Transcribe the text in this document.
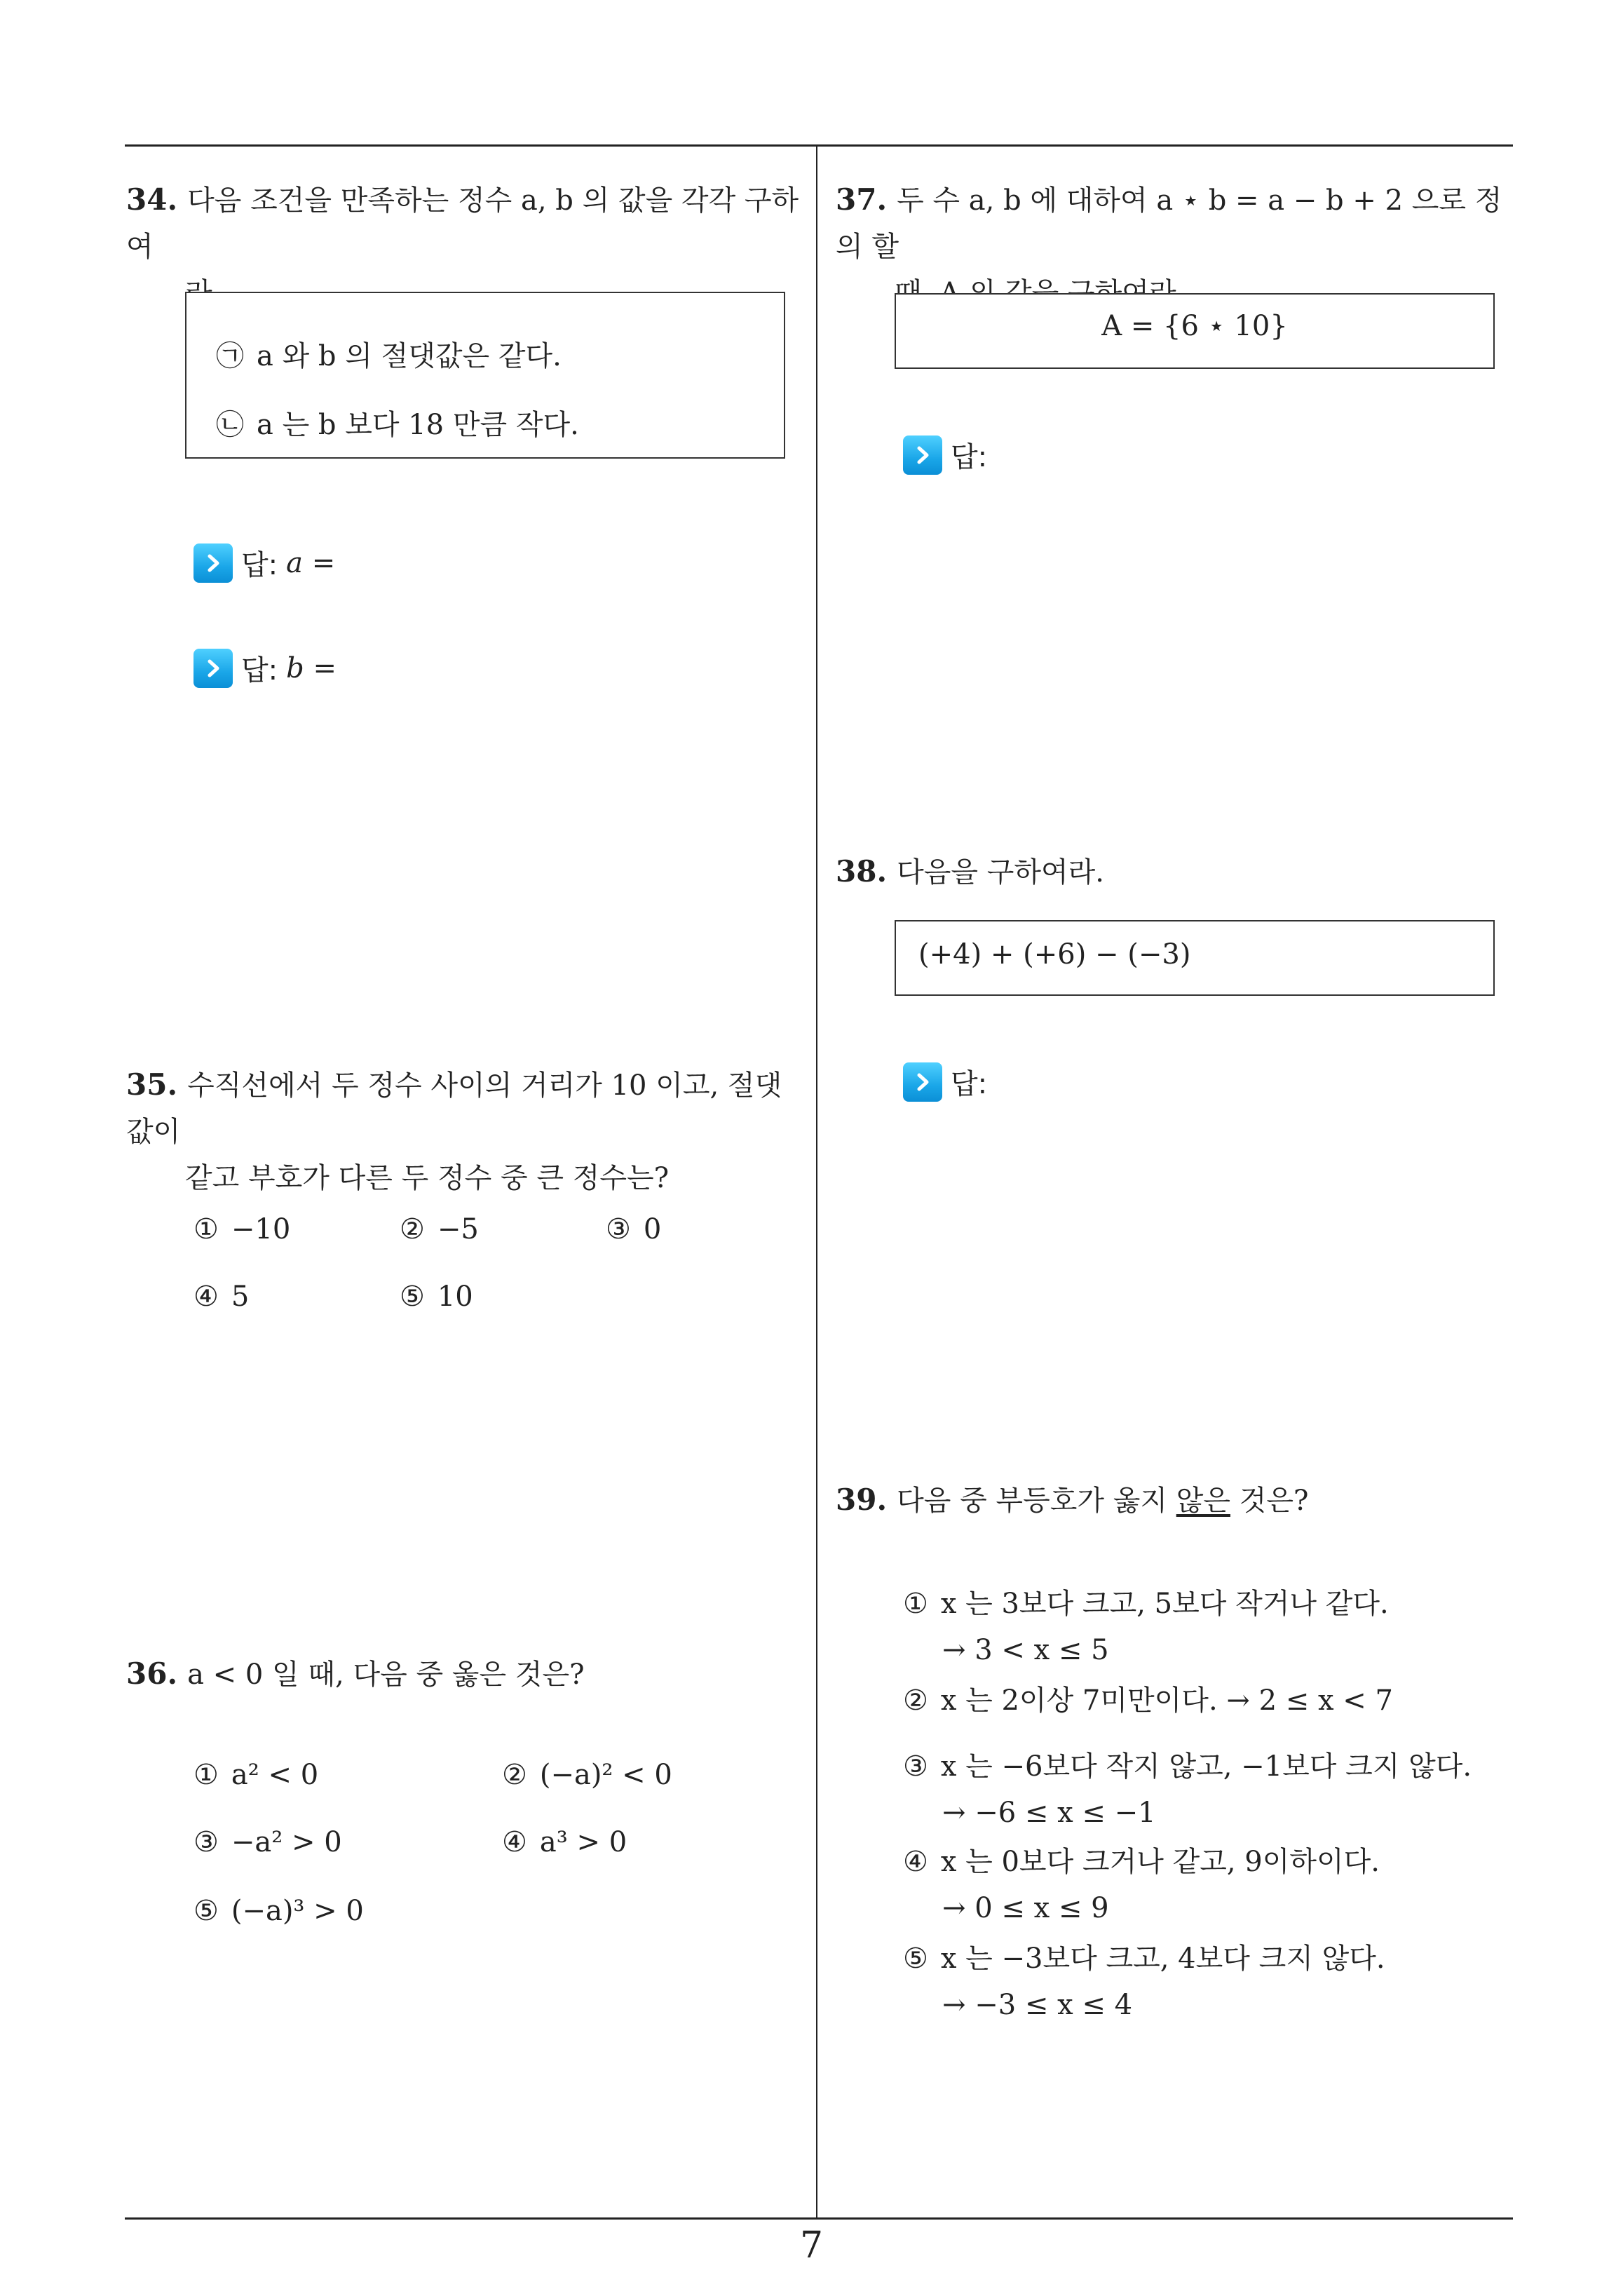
34. 다음 조건을 만족하는 정수 a, b 의 값을 각각 구하여
㉠ a 와 b 의 절댓값은 같다.
㉡ a 는 b 보다 18 만큼 작다.
답: a =
답: b =
35. 수직선에서 두 정수 사이의 거리가 10 이고, 절댓값이
같고 부호가 다른 두 정수 중 큰 정수는?
① −10	② −5	③ 0
④ 5	⑤ 10
36. a < 0 일 때, 다음 중 옳은 것은?
① a² < 0	② (−a)² < 0
③ −a² > 0	④ a³ > 0
⑤ (−a)³ > 0
37. 두 수 a, b 에 대하여 a ⋆ b = a − b + 2 으로 정의 할
A = {6 ⋆ 10}
답:
38. 다음을 구하여라.
(+4) + (+6) − (−3)
답:
39. 다음 중 부등호가 옳지 않은 것은?
① x 는 3보다 크고, 5보다 작거나 같다.
→ 3 < x ≤ 5
② x 는 2이상 7미만이다. → 2 ≤ x < 7
③ x 는 −6보다 작지 않고, −1보다 크지 않다.
→ −6 ≤ x ≤ −1
④ x 는 0보다 크거나 같고, 9이하이다.
→ 0 ≤ x ≤ 9
⑤ x 는 −3보다 크고, 4보다 크지 않다.
→ −3 ≤ x ≤ 4
7
